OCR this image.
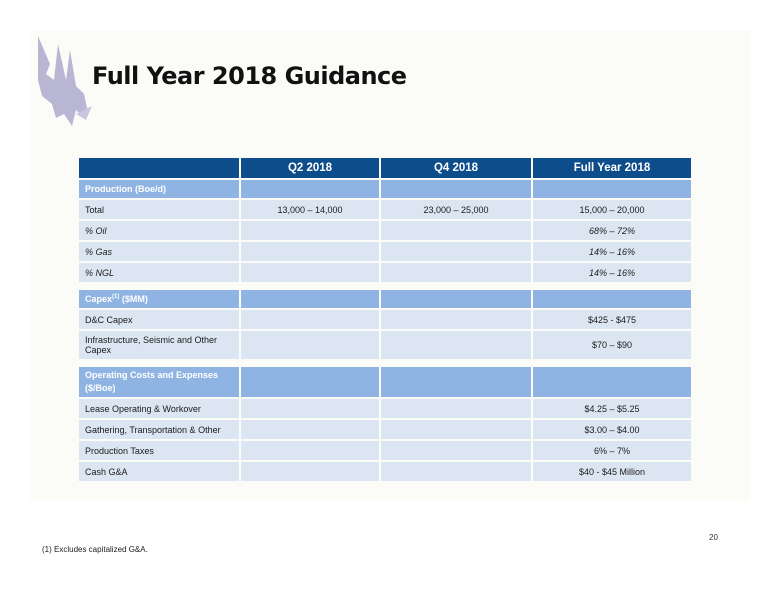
Full Year 2018 Guidance
	Q2 2018	Q4 2018	Full Year 2018
Production (Boe/d)			
Total	13,000 – 14,000	23,000 – 25,000	15,000 – 20,000
% Oil			68% – 72%
% Gas			14% – 16%
% NGL			14% – 16%

Capex$^{(1)}$ ($MM)			
D&C Capex			$425 - $475
Infrastructure, Seismic and Other Capex			$70 – $90

Operating Costs and Expenses ($/Boe)			
Lease Operating & Workover			$4.25 – $5.25
Gathering, Transportation & Other			$3.00 – $4.00
Production Taxes			6% – 7%
Cash G&A			$40 - $45 Million
20
(1) Excludes capitalized G&A.
